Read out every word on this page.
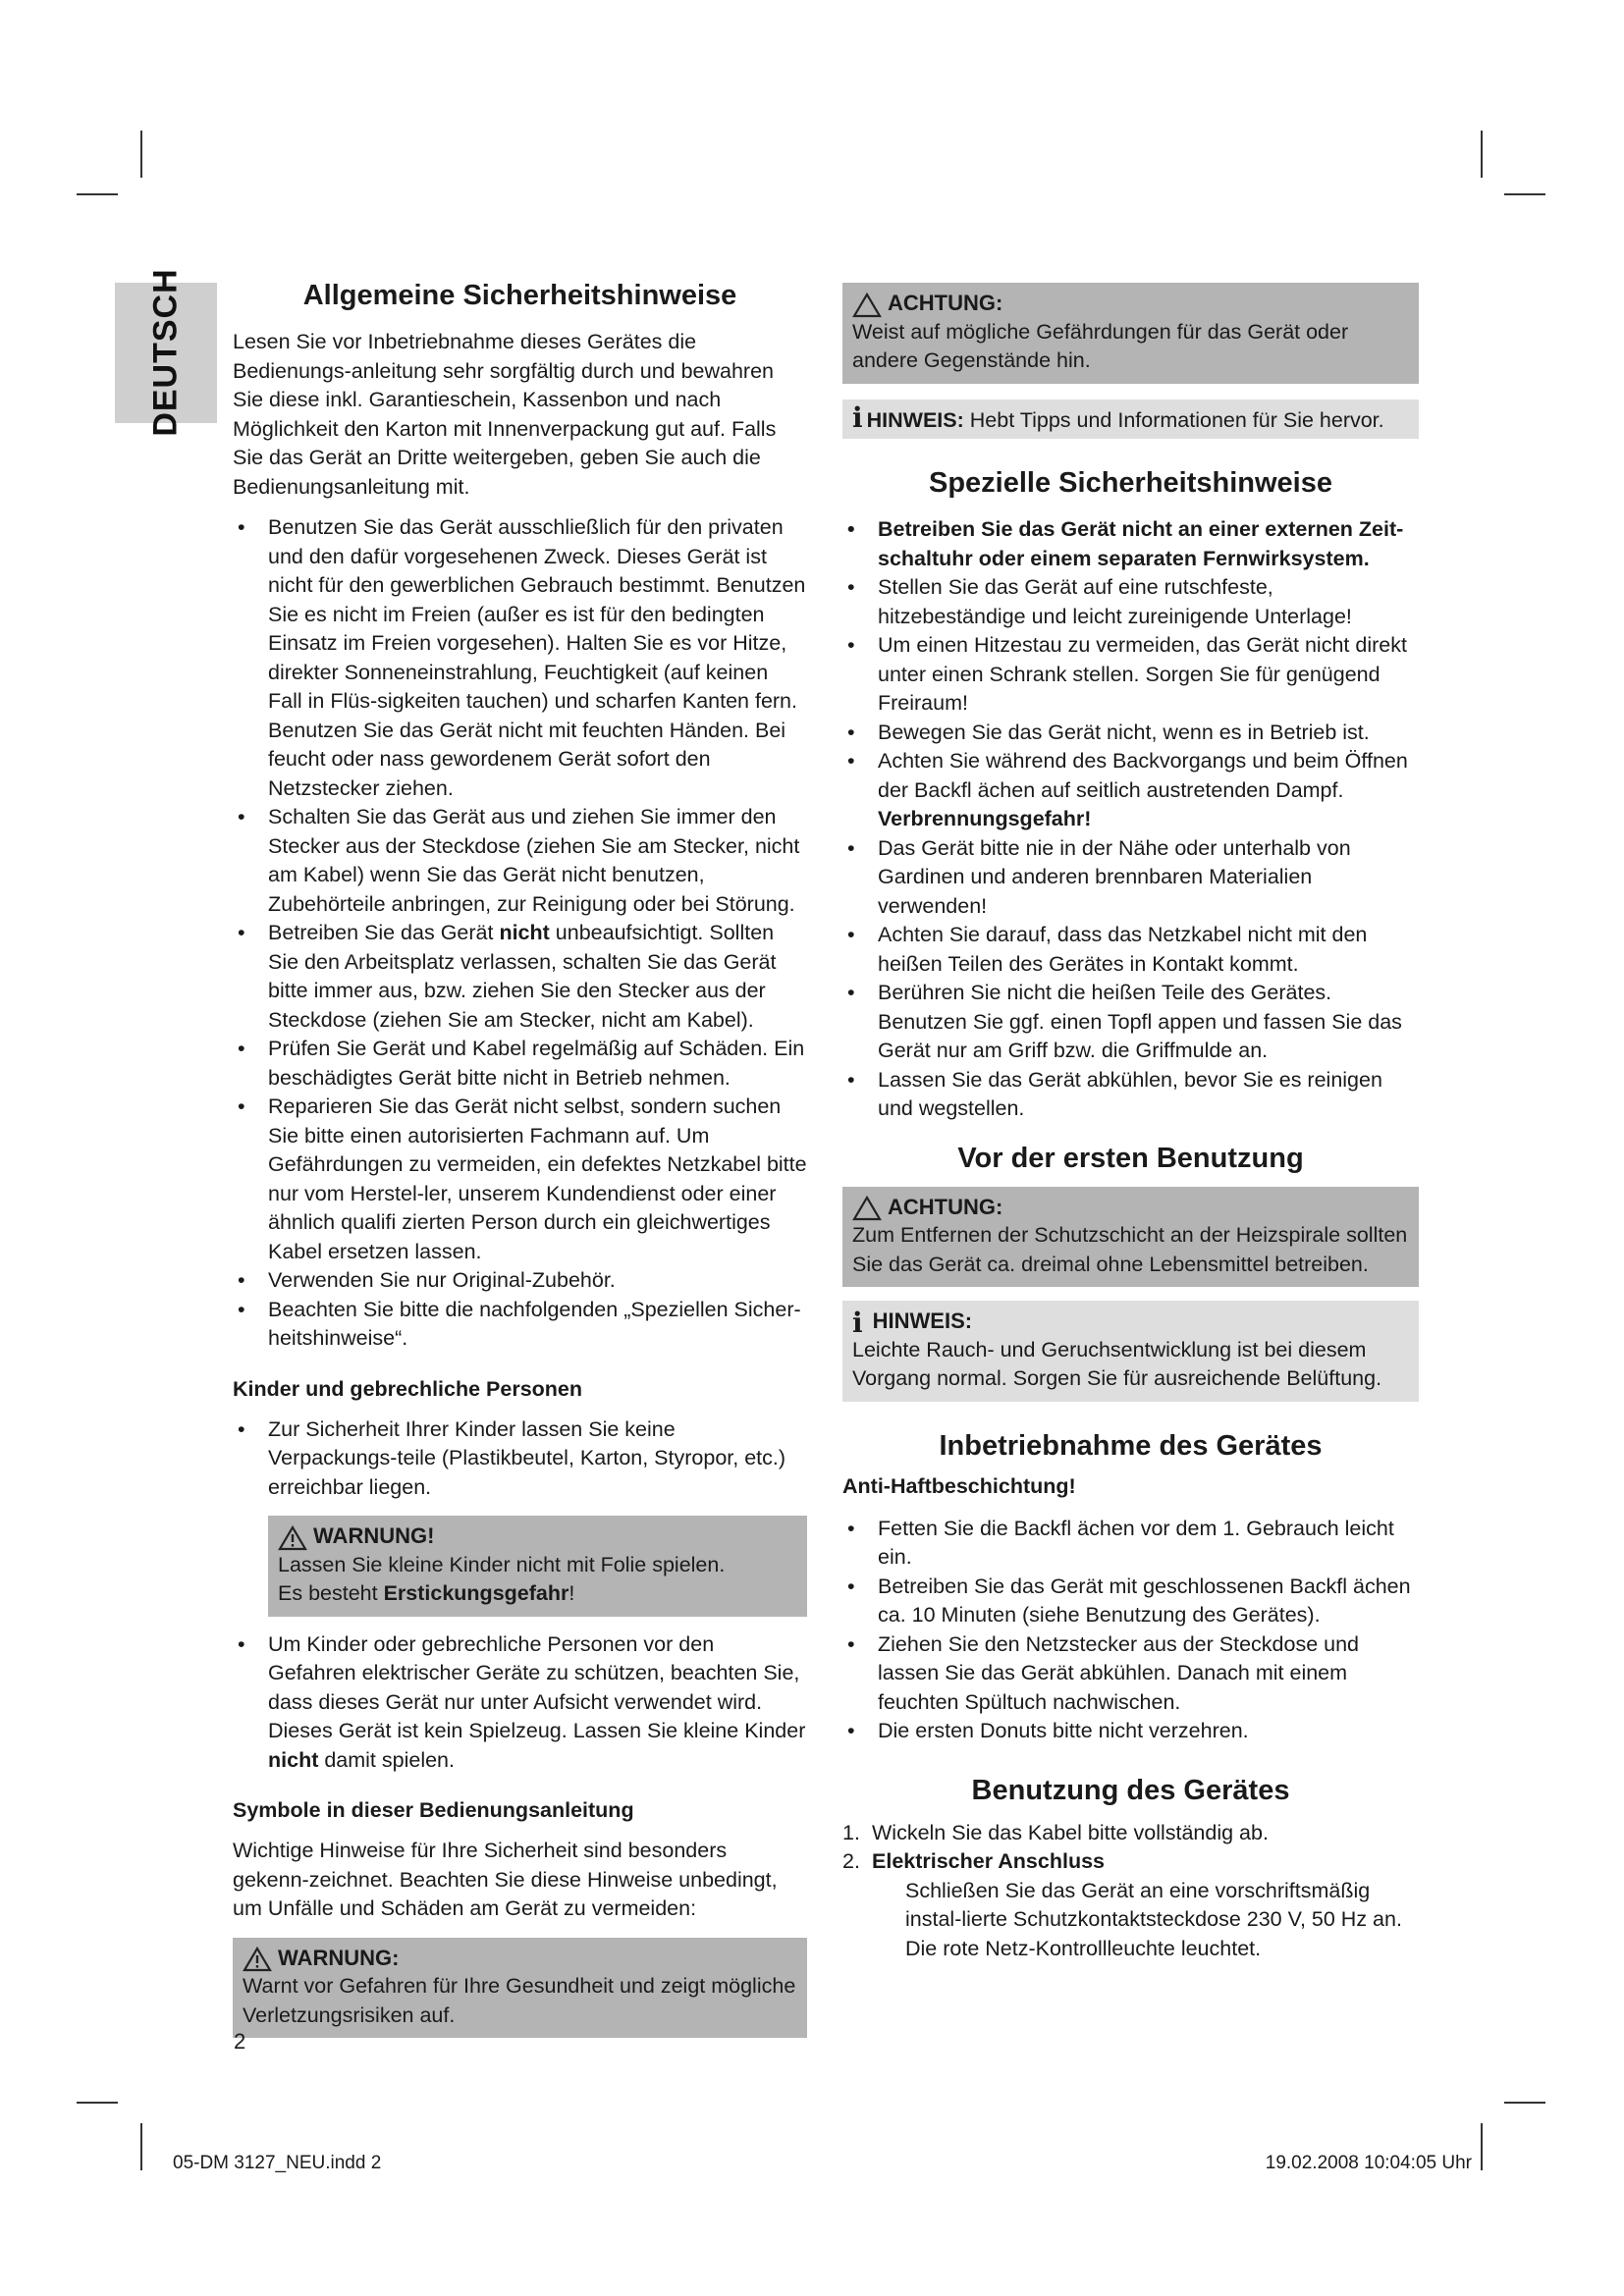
DEUTSCH	Allgemeine Sicherheitshinweise

Lesen Sie vor Inbetriebnahme dieses Gerätes die Bedienungs-anleitung sehr sorgfältig durch und bewahren Sie diese inkl. Garantieschein, Kassenbon und nach Möglichkeit den Karton mit Innenverpackung gut auf. Falls Sie das Gerät an Dritte weitergeben, geben Sie auch die Bedienungsanleitung mit.

• Benutzen Sie das Gerät ausschließlich für den privaten und den dafür vorgesehenen Zweck. Dieses Gerät ist nicht für den gewerblichen Gebrauch bestimmt. Benutzen Sie es nicht im Freien (außer es ist für den bedingten Einsatz im Freien vorgesehen). Halten Sie es vor Hitze, direkter Sonneneinstrahlung, Feuchtigkeit (auf keinen Fall in Flüs-sigkeiten tauchen) und scharfen Kanten fern. Benutzen Sie das Gerät nicht mit feuchten Händen. Bei feucht oder nass gewordenem Gerät sofort den Netzstecker ziehen.
• Schalten Sie das Gerät aus und ziehen Sie immer den Stecker aus der Steckdose (ziehen Sie am Stecker, nicht am Kabel) wenn Sie das Gerät nicht benutzen, Zubehörteile anbringen, zur Reinigung oder bei Störung.
• Betreiben Sie das Gerät nicht unbeaufsichtigt. Sollten Sie den Arbeitsplatz verlassen, schalten Sie das Gerät bitte immer aus, bzw. ziehen Sie den Stecker aus der Steckdose (ziehen Sie am Stecker, nicht am Kabel).
• Prüfen Sie Gerät und Kabel regelmäßig auf Schäden. Ein beschädigtes Gerät bitte nicht in Betrieb nehmen.
• Reparieren Sie das Gerät nicht selbst, sondern suchen Sie bitte einen autorisierten Fachmann auf. Um Gefährdungen zu vermeiden, ein defektes Netzkabel bitte nur vom Herstel-ler, unserem Kundendienst oder einer ähnlich qualifi zierten Person durch ein gleichwertiges Kabel ersetzen lassen.
• Verwenden Sie nur Original-Zubehör.
• Beachten Sie bitte die nachfolgenden „Speziellen Sicher-heitshinweise“.
Kinder und gebrechliche Personen
• Zur Sicherheit Ihrer Kinder lassen Sie keine Verpackungs-teile (Plastikbeutel, Karton, Styropor, etc.) erreichbar liegen.
WARNUNG!
Lassen Sie kleine Kinder nicht mit Folie spielen.
Es besteht Erstickungsgefahr!
• Um Kinder oder gebrechliche Personen vor den Gefahren elektrischer Geräte zu schützen, beachten Sie, dass dieses Gerät nur unter Aufsicht verwendet wird. Dieses Gerät ist kein Spielzeug. Lassen Sie kleine Kinder nicht damit spielen.
Symbole in dieser Bedienungsanleitung

Wichtige Hinweise für Ihre Sicherheit sind besonders gekenn-zeichnet. Beachten Sie diese Hinweise unbedingt, um Unfälle und Schäden am Gerät zu vermeiden:

WARNUNG:
Warnt vor Gefahren für Ihre Gesundheit und zeigt mögliche Verletzungsrisiken auf.
ACHTUNG:
Weist auf mögliche Gefährdungen für das Gerät oder andere Gegenstände hin.
i HINWEIS: Hebt Tipps und Informationen für Sie hervor.
Spezielle Sicherheitshinweise
• Betreiben Sie das Gerät nicht an einer externen Zeit-schaltuhr oder einem separaten Fernwirksystem.
• Stellen Sie das Gerät auf eine rutschfeste, hitzebeständige und leicht zureinigende Unterlage!
• Um einen Hitzestau zu vermeiden, das Gerät nicht direkt unter einen Schrank stellen. Sorgen Sie für genügend Freiraum!
• Bewegen Sie das Gerät nicht, wenn es in Betrieb ist.
• Achten Sie während des Backvorgangs und beim Öffnen der Backfl ächen auf seitlich austretenden Dampf.
Verbrennungsgefahr!
• Das Gerät bitte nie in der Nähe oder unterhalb von Gardinen und anderen brennbaren Materialien verwenden!
• Achten Sie darauf, dass das Netzkabel nicht mit den heißen Teilen des Gerätes in Kontakt kommt.
• Berühren Sie nicht die heißen Teile des Gerätes. Benutzen Sie ggf. einen Topfl appen und fassen Sie das Gerät nur am Griff bzw. die Griffmulde an.
• Lassen Sie das Gerät abkühlen, bevor Sie es reinigen und wegstellen.
Vor der ersten Benutzung
ACHTUNG:
Zum Entfernen der Schutzschicht an der Heizspirale sollten Sie das Gerät ca. dreimal ohne Lebensmittel betreiben.
i HINWEIS:
Leichte Rauch- und Geruchsentwicklung ist bei diesem Vorgang normal. Sorgen Sie für ausreichende Belüftung.
Inbetriebnahme des Gerätes
Anti-Haftbeschichtung!
• Fetten Sie die Backfl ächen vor dem 1. Gebrauch leicht ein.
• Betreiben Sie das Gerät mit geschlossenen Backfl ächen ca. 10 Minuten (siehe Benutzung des Gerätes).
• Ziehen Sie den Netzstecker aus der Steckdose und lassen Sie das Gerät abkühlen. Danach mit einem feuchten Spültuch nachwischen.
• Die ersten Donuts bitte nicht verzehren.
Benutzung des Gerätes
1. Wickeln Sie das Kabel bitte vollständig ab.
2. Elektrischer Anschluss
Schließen Sie das Gerät an eine vorschriftsmäßig instal-lierte Schutzkontaktsteckdose 230 V, 50 Hz an. Die rote Netz-Kontrollleuchte leuchtet.
2
05-DM 3127_NEU.indd 2	19.02.2008 10:04:05 Uhr
